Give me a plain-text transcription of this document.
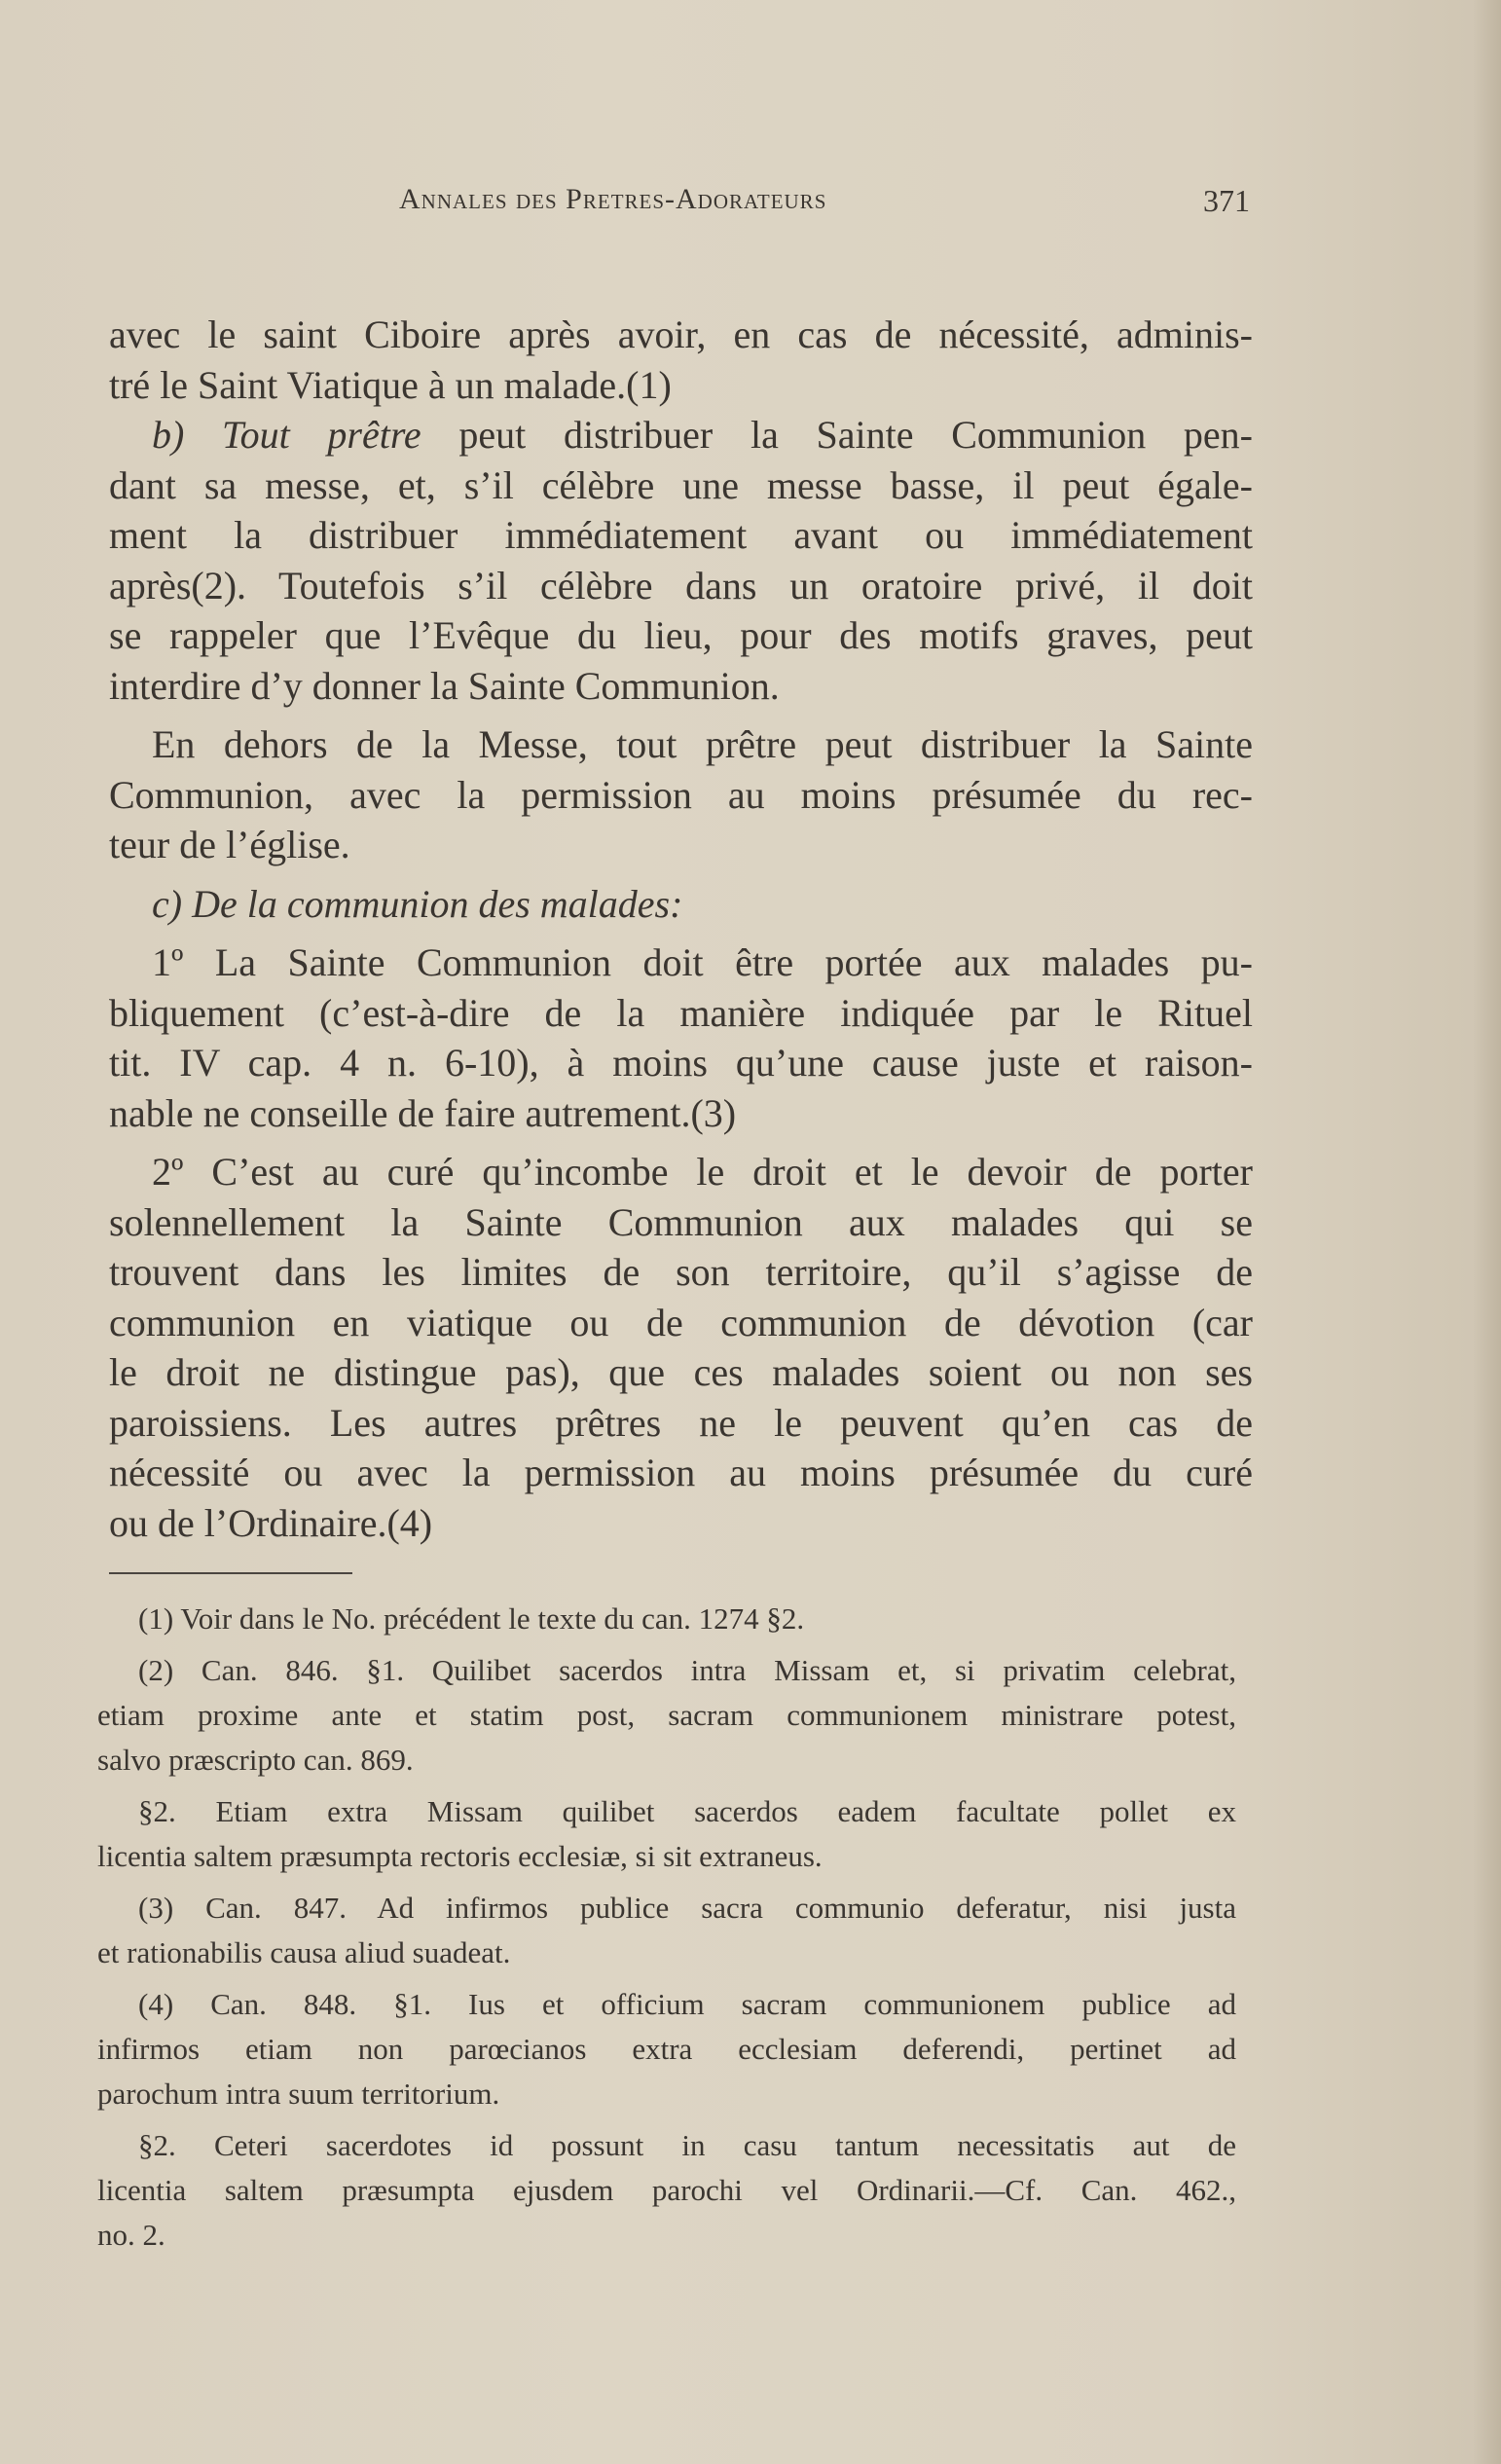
Annales des Pretres-Adorateurs	371
avec le saint Ciboire après avoir, en cas de nécessité, adminis-
tré le Saint Viatique à un malade.(1)
b) Tout prêtre peut distribuer la Sainte Communion pen-
dant sa messe, et, s’il célèbre une messe basse, il peut égale-
ment la distribuer immédiatement avant ou immédiatement
après(2). Toutefois s’il célèbre dans un oratoire privé, il doit
se rappeler que l’Evêque du lieu, pour des motifs graves, peut
interdire d’y donner la Sainte Communion.
En dehors de la Messe, tout prêtre peut distribuer la Sainte
Communion, avec la permission au moins présumée du rec-
teur de l’église.
c) De la communion des malades:
1º La Sainte Communion doit être portée aux malades pu-
bliquement (c’est-à-dire de la manière indiquée par le Rituel
tit. IV cap. 4 n. 6-10), à moins qu’une cause juste et raison-
nable ne conseille de faire autrement.(3)
2º C’est au curé qu’incombe le droit et le devoir de porter
solennellement la Sainte Communion aux malades qui se
trouvent dans les limites de son territoire, qu’il s’agisse de
communion en viatique ou de communion de dévotion (car
le droit ne distingue pas), que ces malades soient ou non ses
paroissiens. Les autres prêtres ne le peuvent qu’en cas de
nécessité ou avec la permission au moins présumée du curé
ou de l’Ordinaire.(4)
(1) Voir dans le No. précédent le texte du can. 1274 §2.
(2) Can. 846. §1. Quilibet sacerdos intra Missam et, si privatim celebrat,
etiam proxime ante et statim post, sacram communionem ministrare potest,
salvo præscripto can. 869.
§2. Etiam extra Missam quilibet sacerdos eadem facultate pollet ex
licentia saltem præsumpta rectoris ecclesiæ, si sit extraneus.
(3) Can. 847. Ad infirmos publice sacra communio deferatur, nisi justa
et rationabilis causa aliud suadeat.
(4) Can. 848. §1. Ius et officium sacram communionem publice ad
infirmos etiam non parœcianos extra ecclesiam deferendi, pertinet ad
parochum intra suum territorium.
§2. Ceteri sacerdotes id possunt in casu tantum necessitatis aut de
licentia saltem præsumpta ejusdem parochi vel Ordinarii.—Cf. Can. 462.,
no. 2.
